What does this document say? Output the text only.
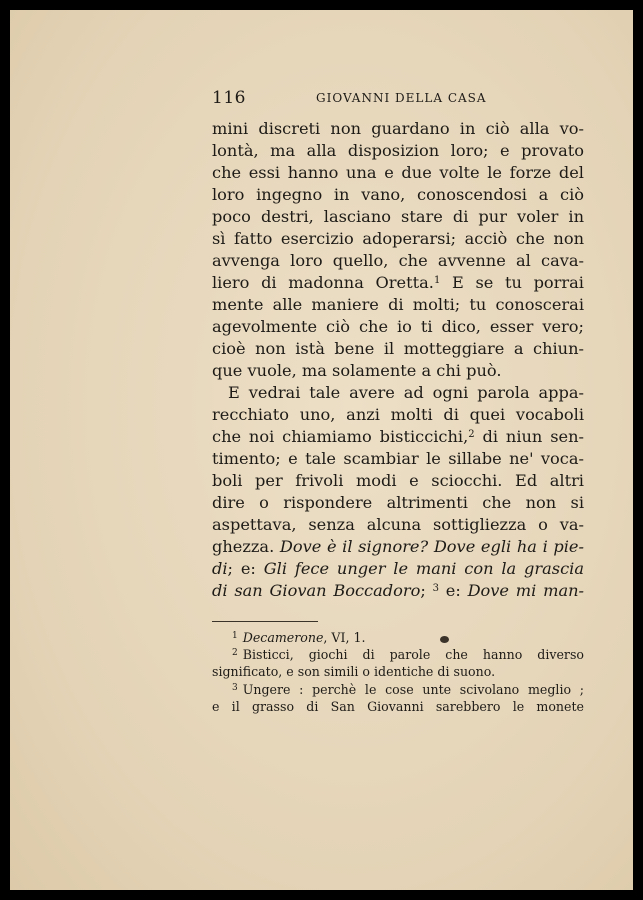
116	GIOVANNI DELLA CASA
mini discreti non guardano in ciò alla vo-
lontà, ma alla disposizion loro; e provato
che essi hanno una e due volte le forze del
loro ingegno in vano, conoscendosi a ciò
poco destri, lasciano stare di pur voler in
sì fatto esercizio adoperarsi; acciò che non
avvenga loro quello, che avvenne al cava-
liero di madonna Oretta.$^1$ E se tu porrai
mente alle maniere di molti; tu conoscerai
agevolmente ciò che io ti dico, esser vero;
cioè non istà bene il motteggiare a chiun-
que vuole, ma solamente a chi può.
E vedrai tale avere ad ogni parola appa-
recchiato uno, anzi molti di quei vocaboli
che noi chiamiamo bisticcichi,$^2$ di niun sen-
timento; e tale scambiar le sillabe ne' voca-
boli per frivoli modi e sciocchi. Ed altri
dire o rispondere altrimenti che non si
aspettava, senza alcuna sottigliezza o va-
ghezza. Dove è il signore? Dove egli ha i pie-
di; e: Gli fece unger le mani con la grascia
di san Giovan Boccadoro; $^3$ e: Dove mi man-
$^1$ Decamerone, VI, 1.
$^2$ Bisticci, giochi di parole che hanno diverso
significato, e son simili o identiche di suono.
$^3$ Ungere : perchè le cose unte scivolano meglio ;
e il grasso di San Giovanni sarebbero le monete
